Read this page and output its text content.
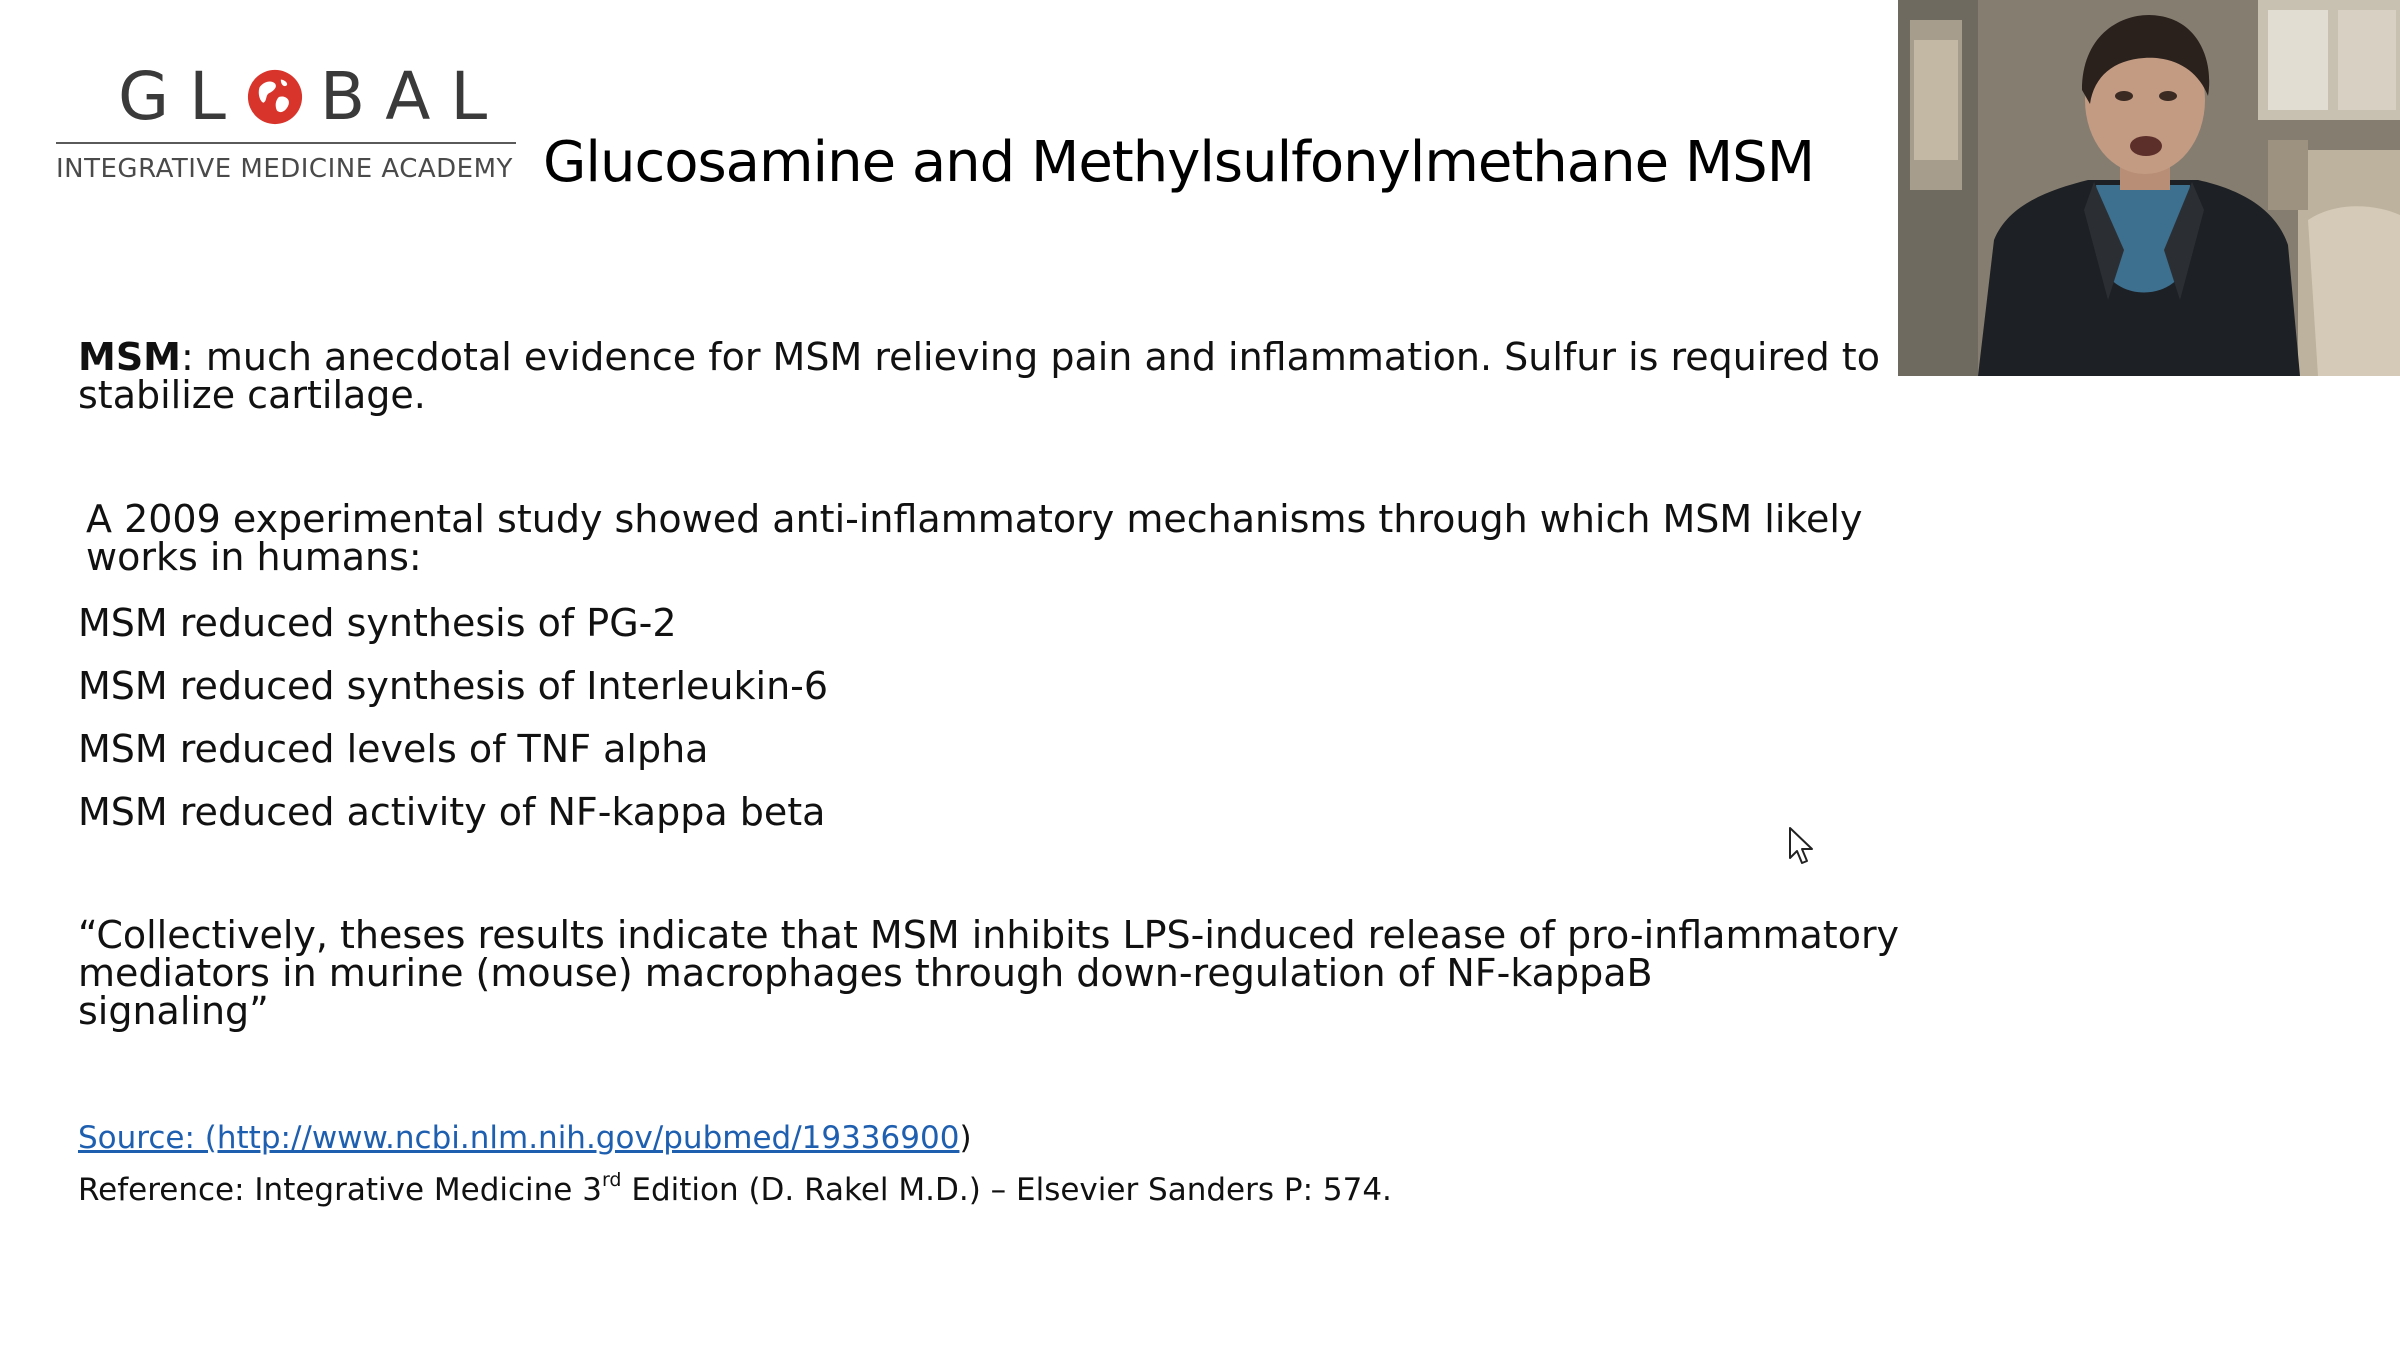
GL BAL
INTEGRATIVE MEDICINE ACADEMY Glucosamine and Methylsulfonylmethane MSM
MSM: much anecdotal evidence for MSM relieving pain and inflammation. Sulfur is required to
stabilize cartilage.
A 2009 experimental study showed anti-inflammatory mechanisms through which MSM likely
works in humans:
MSM reduced synthesis of PG-2
MSM reduced synthesis of Interleukin-6
MSM reduced levels of TNF alpha
MSM reduced activity of NF-kappa beta
“Collectively, theses results indicate that MSM inhibits LPS-induced release of pro-inflammatory
mediators in murine (mouse) macrophages through down-regulation of NF-kappaB
signaling”
Source: (http://www.ncbi.nlm.nih.gov/pubmed/19336900)
Reference: Integrative Medicine 3rd Edition (D. Rakel M.D.) – Elsevier Sanders P: 574.
